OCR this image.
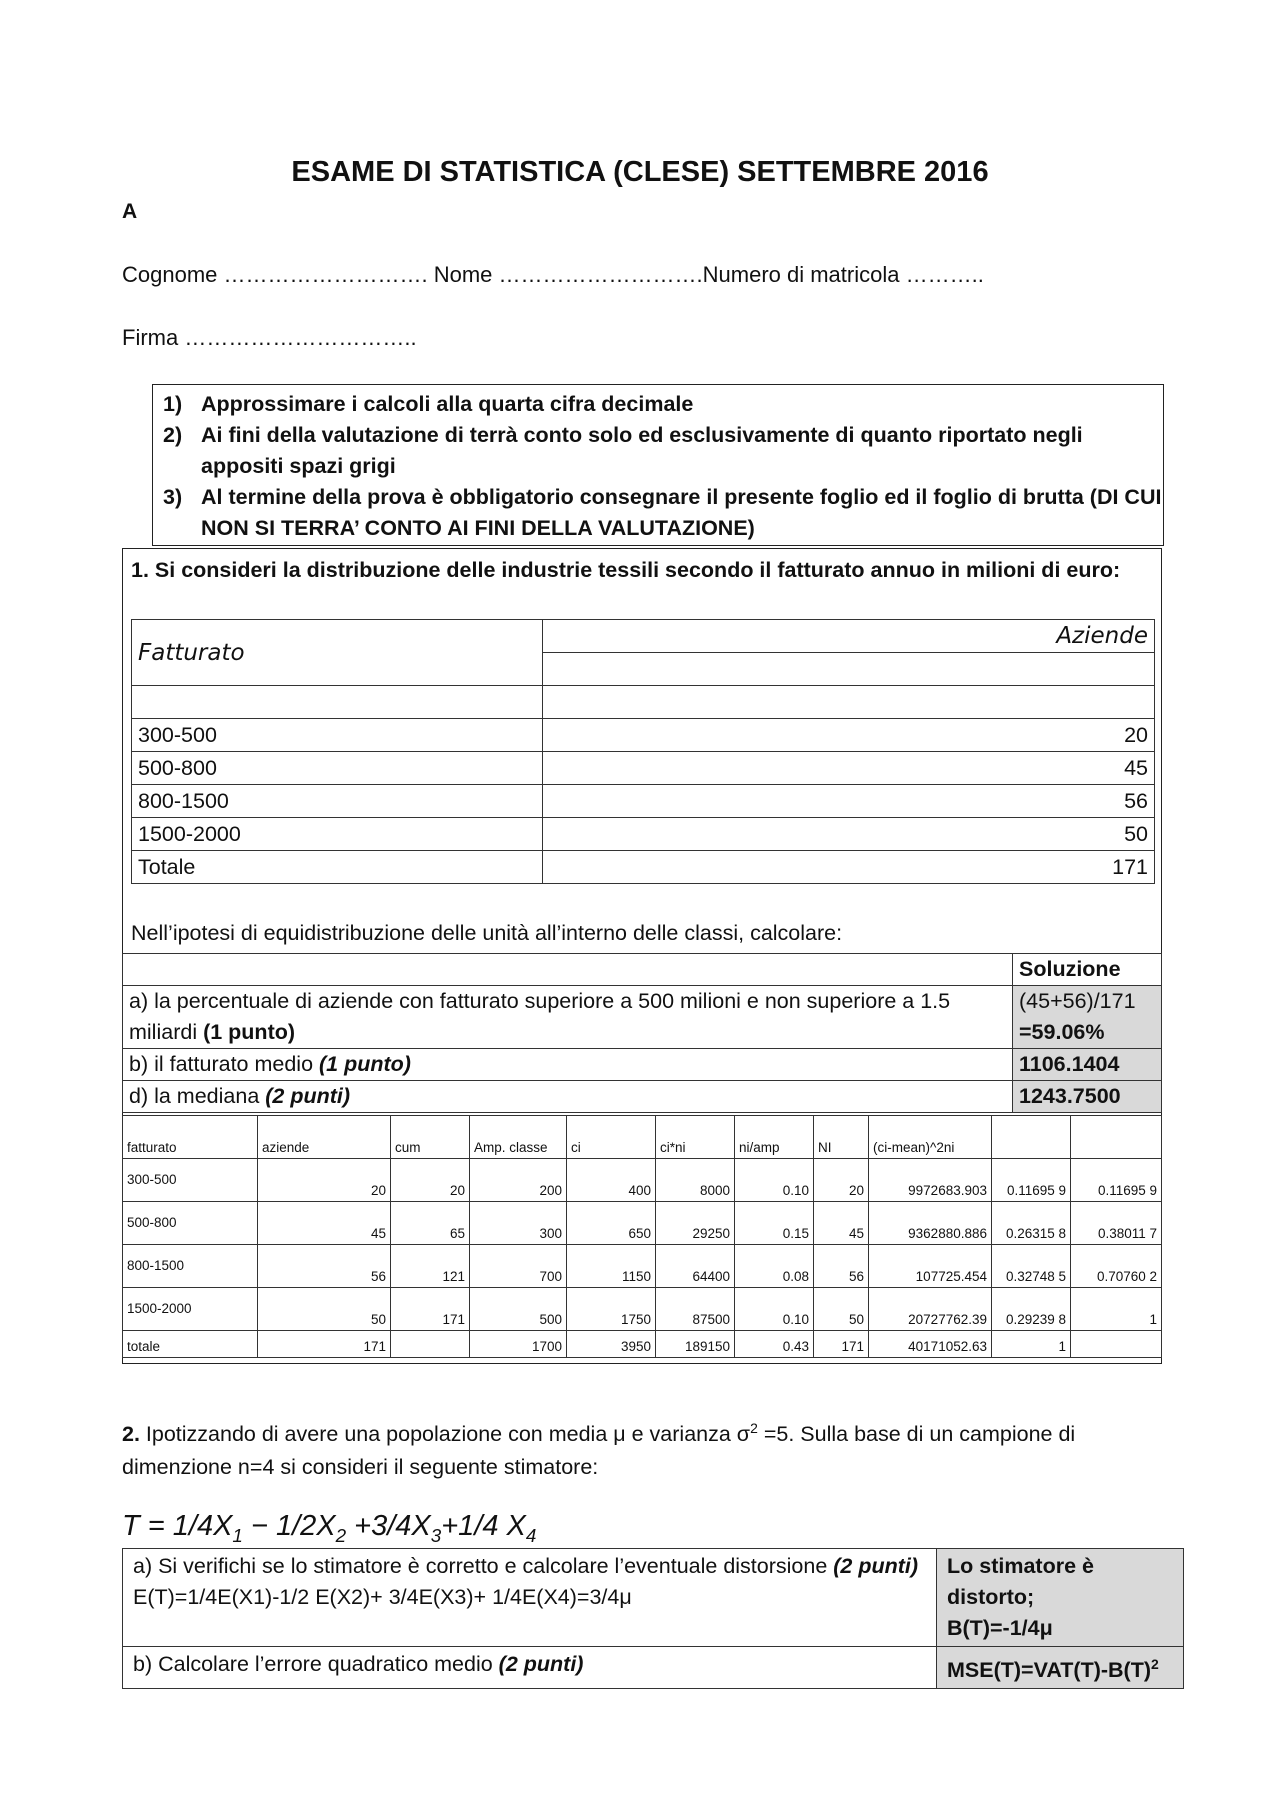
ESAME DI STATISTICA (CLESE) SETTEMBRE 2016
A
Cognome ………………………. Nome ……………………….Numero di matricola ………..
Firma …………………………..
1) Approssimare i calcoli alla quarta cifra decimale
2) Ai fini della valutazione di terrà conto solo ed esclusivamente di quanto riportato negli appositi spazi grigi
3) Al termine della prova è obbligatorio consegnare il presente foglio ed il foglio di brutta (DI CUI NON SI TERRA’ CONTO AI FINI DELLA VALUTAZIONE)
1. Si consideri la distribuzione delle industrie tessili secondo il fatturato annuo in milioni di euro:
Fatturato	Aziende

300-500	20
500-800	45
800-1500	56
1500-2000	50
Totale	171
Nell’ipotesi di equidistribuzione delle unità all’interno delle classi, calcolare:
	Soluzione
a) la percentuale di aziende con fatturato superiore a 500 milioni e non superiore a 1.5 miliardi (1 punto)	(45+56)/171
=59.06%
b) il fatturato medio (1 punto)	1106.1404
d) la mediana (2 punti)	1243.7500
fatturato	aziende	cum	Amp. classe	ci	ci*ni	ni/amp	NI	(ci-mean)^2ni		
300-500	20	20	200	400	8000	0.10	20	9972683.903	0.11695 9	0.11695 9
500-800	45	65	300	650	29250	0.15	45	9362880.886	0.26315 8	0.38011 7
800-1500	56	121	700	1150	64400	0.08	56	107725.454	0.32748 5	0.70760 2
1500-2000	50	171	500	1750	87500	0.10	50	20727762.39	0.29239 8	1
totale	171		1700	3950	189150	0.43	171	40171052.63	1	
2. Ipotizzando di avere una popolazione con media μ e varianza $\sigma^2 =5$. Sulla base di un campione di dimenzione n=4 si consideri il seguente stimatore:
$T = 1/4X_1 - 1/2X_2 +3/4X_3+1/4$ $X_4$
a) Si verifichi se lo stimatore è corretto e calcolare l’eventuale distorsione (2 punti)
E(T)=1/4E(X1)-1/2 E(X2)+ 3/4E(X3)+ 1/4E(X4)=3/4μ	Lo stimatore è distorto;
B(T)=-1/4μ
b) Calcolare l’errore quadratico medio (2 punti)	$MSE(T)=VAT(T)-B(T)^2$
